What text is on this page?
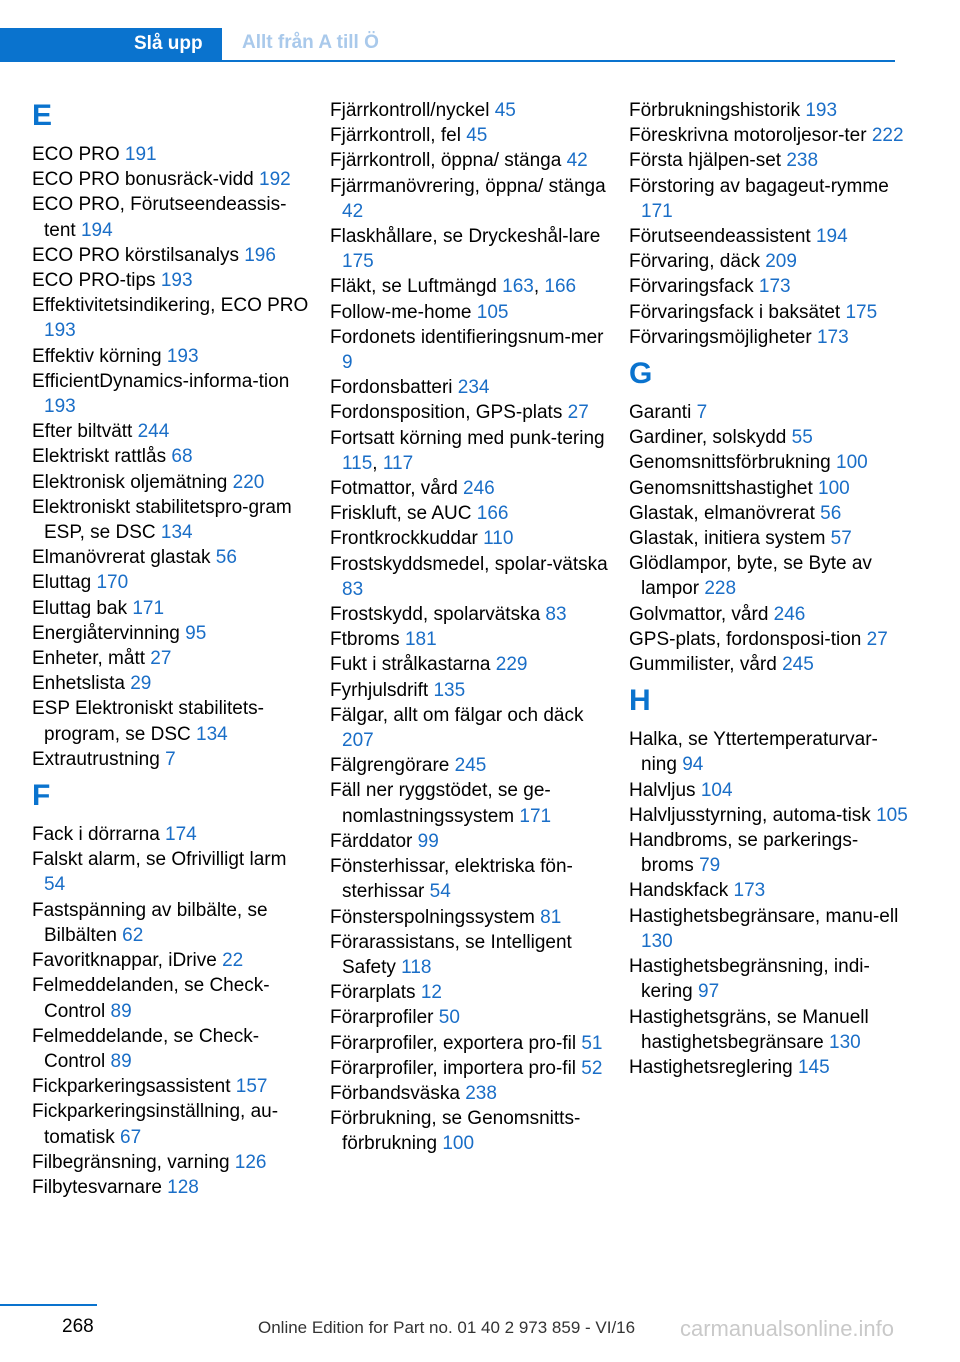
Slå upp	Allt från A till Ö
E
ECO PRO 191
ECO PRO bonusräck-vidd 192
ECO PRO, Förutseendeassis-tent 194
ECO PRO körstilsanalys 196
ECO PRO-tips 193
Effektivitetsindikering, ECO PRO 193
Effektiv körning 193
EfficientDynamics-informa-tion 193
Efter biltvätt 244
Elektriskt rattlås 68
Elektronisk oljemätning 220
Elektroniskt stabilitetspro-gram ESP, se DSC 134
Elmanövrerat glastak 56
Eluttag 170
Eluttag bak 171
Energiåtervinning 95
Enheter, mått 27
Enhetslista 29
ESP Elektroniskt stabilitets-program, se DSC 134
Extrautrustning 7
F
Fack i dörrarna 174
Falskt alarm, se Ofrivilligt larm 54
Fastspänning av bilbälte, se Bilbälten 62
Favoritknappar, iDrive 22
Felmeddelanden, se Check-Control 89
Felmeddelande, se Check-Control 89
Fickparkeringsassistent 157
Fickparkeringsinställning, au-tomatisk 67
Filbegränsning, varning 126
Filbytesvarnare 128
Fjärrkontroll/nyckel 45
Fjärrkontroll, fel 45
Fjärrkontroll, öppna/ stänga 42
Fjärrmanövrering, öppna/ stänga 42
Flaskhållare, se Dryckeshål-lare 175
Fläkt, se Luftmängd 163, 166
Follow-me-home 105
Fordonets identifieringsnum-mer 9
Fordonsbatteri 234
Fordonsposition, GPS-plats 27
Fortsatt körning med punk-tering 115, 117
Fotmattor, vård 246
Friskluft, se AUC 166
Frontkrockkuddar 110
Frostskyddsmedel, spolar-vätska 83
Frostskydd, spolarvätska 83
Ftbroms 181
Fukt i strålkastarna 229
Fyrhjulsdrift 135
Fälgar, allt om fälgar och däck 207
Fälgrengörare 245
Fäll ner ryggstödet, se ge-nomlastningssystem 171
Färddator 99
Fönsterhissar, elektriska fön-sterhissar 54
Fönsterspolningssystem 81
Förarassistans, se Intelligent Safety 118
Förarplats 12
Förarprofiler 50
Förarprofiler, exportera pro-fil 51
Förarprofiler, importera pro-fil 52
Förbandsväska 238
Förbrukning, se Genomsnitts-förbrukning 100
Förbrukningshistorik 193
Föreskrivna motoroljesor-ter 222
Första hjälpen-set 238
Förstoring av bagageut-rymme 171
Förutseendeassistent 194
Förvaring, däck 209
Förvaringsfack 173
Förvaringsfack i baksätet 175
Förvaringsmöjligheter 173
G
Garanti 7
Gardiner, solskydd 55
Genomsnittsförbrukning 100
Genomsnittshastighet 100
Glastak, elmanövrerat 56
Glastak, initiera system 57
Glödlampor, byte, se Byte av lampor 228
Golvmattor, vård 246
GPS-plats, fordonsposi-tion 27
Gummilister, vård 245
H
Halka, se Yttertemperaturvar-ning 94
Halvljus 104
Halvljusstyrning, automa-tisk 105
Handbroms, se parkerings-broms 79
Handskfack 173
Hastighetsbegränsare, manu-ell 130
Hastighetsbegränsning, indi-kering 97
Hastighetsgräns, se Manuell hastighetsbegränsare 130
Hastighetsreglering 145
268	Online Edition for Part no. 01 40 2 973 859 - VI/16 carmanualsonline.info
